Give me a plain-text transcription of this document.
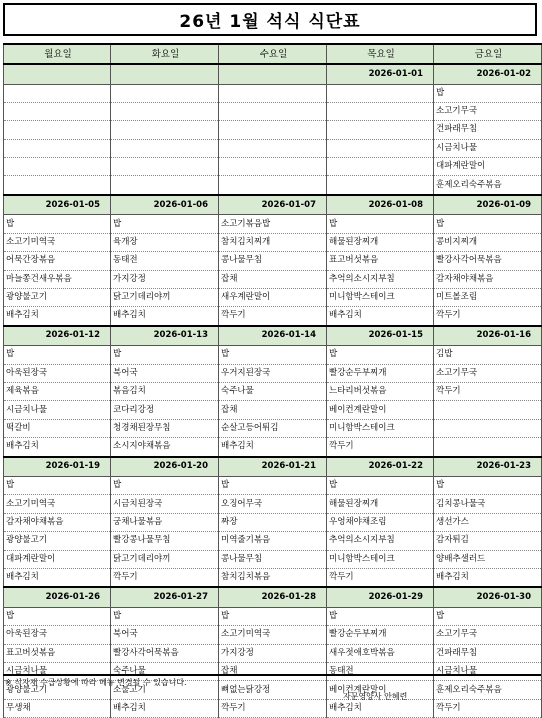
26년 1월 석식 식단표
월요일	화요일	수요일	목요일	금요일
			2026-01-01	2026-01-02
				밥
				소고기무국
				건파래무침
				시금치나물
				대파계란말이
				훈제오리숙주볶음
2026-01-05	2026-01-06	2026-01-07	2026-01-08	2026-01-09
밥	밥	소고기볶음밥	밥	밥
소고기미역국	육개장	참치김치찌개	해물된장찌개	콩비지찌개
어묵간장볶음	동태전	콩나물무침	표고버섯볶음	빨강사각어묵볶음
마늘쫑건새우볶음	가지강정	잡채	추억의소시지부침	감자채야채볶음
광양불고기	닭고기데리야끼	새우계란말이	미니함박스테이크	미트볼조림
배추김치	배추김치	깍두기	배추김치	깍두기
2026-01-12	2026-01-13	2026-01-14	2026-01-15	2026-01-16
밥	밥	밥	밥	김밥
아욱된장국	북어국	우거지된장국	빨강순두부찌개	소고기무국
제육볶음	볶음김치	숙주나물	느타리버섯볶음	깍두기
시금치나물	코다리강정	잡채	베이컨계란말이	
떡갈비	청경채된장무침	순살고등어튀김	미니함박스테이크	
배추김치	소시지야채볶음	배추김치	깍두기	
2026-01-19	2026-01-20	2026-01-21	2026-01-22	2026-01-23
밥	밥	밥	밥	밥
소고기미역국	시금치된장국	오징어무국	해물된장찌개	김치콩나물국
감자채야채볶음	궁채나물볶음	짜장	우엉채야채조림	생선가스
광양불고기	빨강콩나물무침	미역줄기볶음	추억의소시지부침	감자튀김
대파계란말이	닭고기데리야끼	콩나물무침	미니함박스테이크	양배추샐러드
배추김치	깍두기	참치김치볶음	깍두기	배추김치
2026-01-26	2026-01-27	2026-01-28	2026-01-29	2026-01-30
밥	밥	밥	밥	밥
아욱된장국	북어국	소고기미역국	빨강순두부찌개	소고기무국
표고버섯볶음	빨강사각어묵볶음	가지강정	새우젓애호박볶음	건파래무침
시금치나물	숙주나물	잡채	동태전	시금치나물
광양불고기	소불고기	뼈없는닭강정	베이컨계란말이	훈제오리숙주볶음
무생채	배추김치	깍두기	배추김치	깍두기
※ 식자재 수급상황에 따라 메뉴 변경될 수 있습니다.
자문영양사 안혜련
